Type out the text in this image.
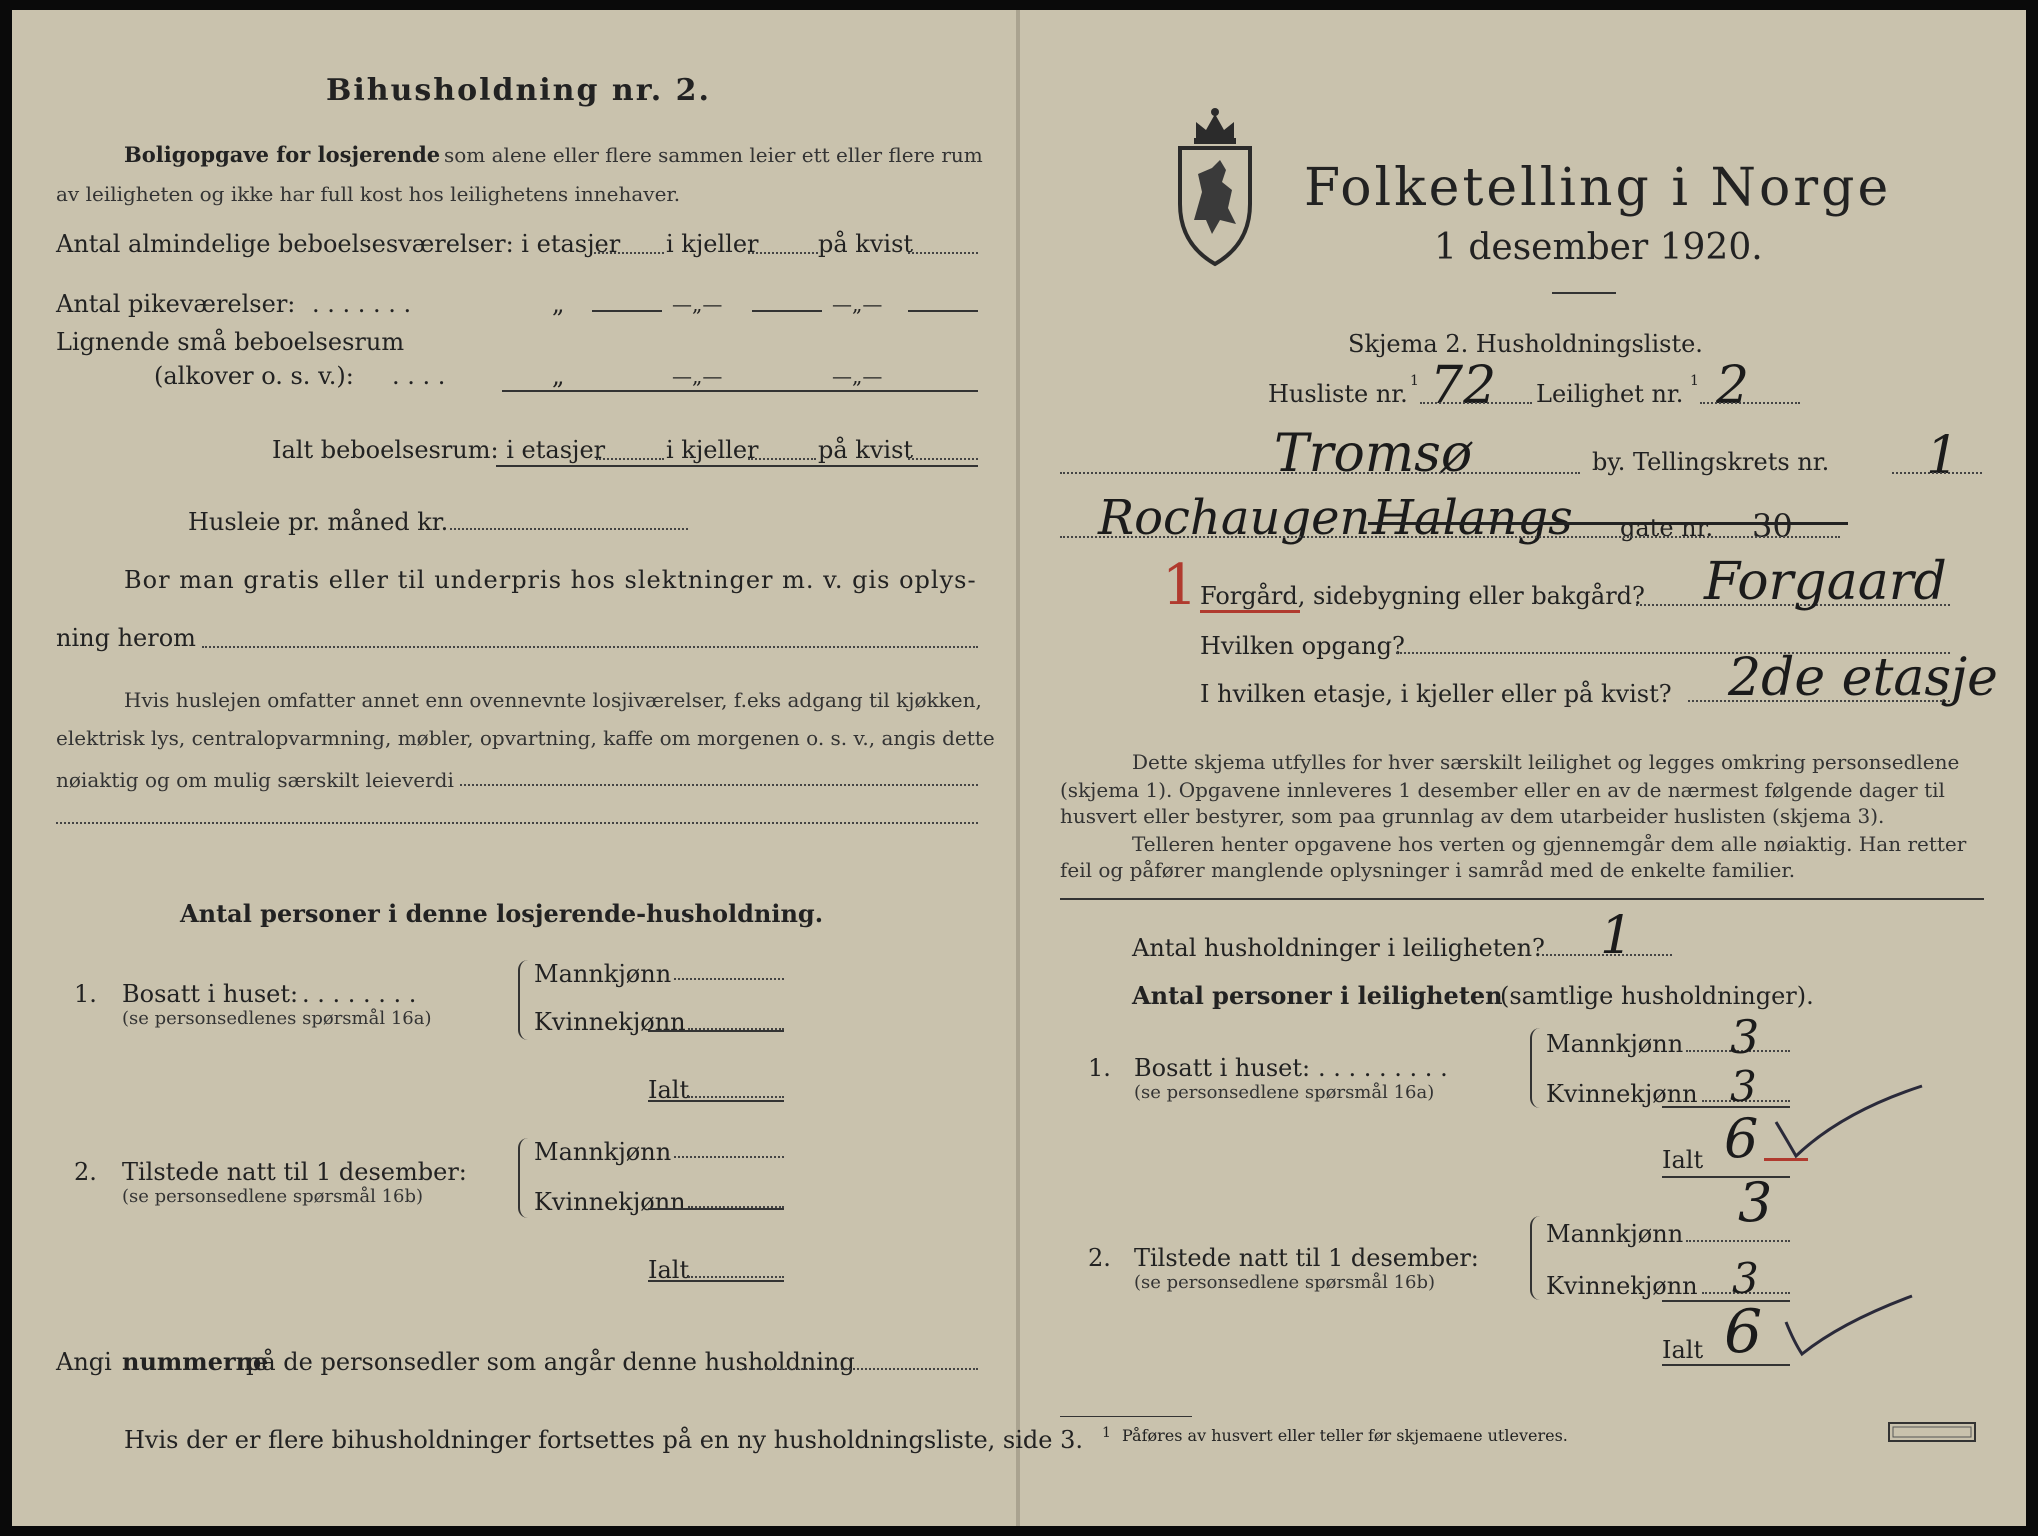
Bihusholdning nr. 2.
Boligopgave for losjerende som alene eller flere sammen leier ett eller flere rum
av leiligheten og ikke har full kost hos leilighetens innehaver.
Antal almindelige beboelsesværelser: i etasjer i kjeller på kvist
Antal pikeværelser: . . . . . . .	„	—„—	—„—
Lignende små beboelsesrum
(alkover o. s. v.): . . . .	„	—„—	—„—
Ialt beboelsesrum: i etasjer	i kjeller på kvist
Husleie pr. måned kr.
Bor man gratis eller til underpris hos slektninger m. v. gis oplys-
ning herom
Hvis huslejen omfatter annet enn ovennevnte losjiværelser, f.eks adgang til kjøkken,
elektrisk lys, centralopvarmning, møbler, opvartning, kaffe om morgenen o. s. v., angis dette
nøiaktig og om mulig særskilt leieverdi
Antal personer i denne losjerende-husholdning.
1. Bosatt i huset: . . . . . . . .
(se personsedlenes spørsmål 16a)
Mannkjønn
Kvinnekjønn
Ialt
2. Tilstede natt til 1 desember:
(se personsedlene spørsmål 16b)
Mannkjønn
Kvinnekjønn
Ialt
Angi nummerne
på de personsedler som angår denne husholdning
Hvis der er flere bihusholdninger fortsettes på en ny husholdningsliste, side 3.
Folketelling i Norge
1 desember 1920.
Skjema 2. Husholdningsliste.
Husliste nr. 1 72 Leilighet nr. 1 2
Tromsø	by. Tellingskrets nr. 1
Rochaugen Halangs gate nr. 30
1 Forgård, sidebygning eller bakgård? Forgaard
Hvilken opgang?
I hvilken etasje, i kjeller eller på kvist? 2de etasje
Dette skjema utfylles for hver særskilt leilighet og legges omkring personsedlene
(skjema 1). Opgavene innleveres 1 desember eller en av de nærmest følgende dager til
husvert eller bestyrer, som paa grunnlag av dem utarbeider huslisten (skjema 3).
Telleren henter opgavene hos verten og gjennemgår dem alle nøiaktig. Han retter
feil og påfører manglende oplysninger i samråd med de enkelte familier.
Antal husholdninger i leiligheten? 1
Antal personer i leiligheten
(samtlige husholdninger).
1. Bosatt i huset: . . . . . . . . .
(se personsedlene spørsmål 16a)
Mannkjønn 3
Kvinnekjønn 3
Ialt 6
2. Tilstede natt til 1 desember:
(se personsedlene spørsmål 16b)
Mannkjønn 3
Kvinnekjønn 3
Ialt 6
1 Påføres av husvert eller teller før skjemaene utleveres.
